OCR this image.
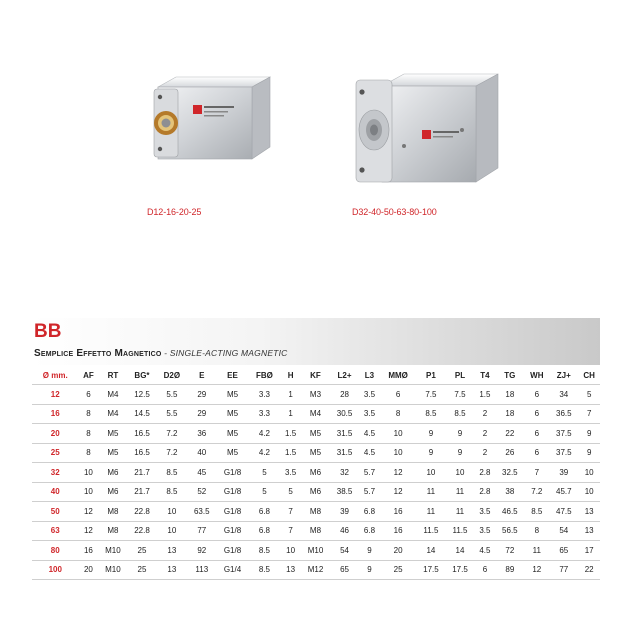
D12-16-20-25	D32-40-50-63-80-100
BB
Semplice Effetto Magnetico - SINGLE-ACTING MAGNETIC
Ø mm.	AF	RT	BG*	D2Ø	E	EE	FBØ	H	KF	L2+	L3	MMØ	P1	PL	T4	TG	WH	ZJ+	CH
12	6	M4	12.5	5.5	29	M5	3.3	1	M3	28	3.5	6	7.5	7.5	1.5	18	6	34	5
16	8	M4	14.5	5.5	29	M5	3.3	1	M4	30.5	3.5	8	8.5	8.5	2	18	6	36.5	7
20	8	M5	16.5	7.2	36	M5	4.2	1.5	M5	31.5	4.5	10	9	9	2	22	6	37.5	9
25	8	M5	16.5	7.2	40	M5	4.2	1.5	M5	31.5	4.5	10	9	9	2	26	6	37.5	9
32	10	M6	21.7	8.5	45	G1/8	5	3.5	M6	32	5.7	12	10	10	2.8	32.5	7	39	10
40	10	M6	21.7	8.5	52	G1/8	5	5	M6	38.5	5.7	12	11	11	2.8	38	7.2	45.7	10
50	12	M8	22.8	10	63.5	G1/8	6.8	7	M8	39	6.8	16	11	11	3.5	46.5	8.5	47.5	13
63	12	M8	22.8	10	77	G1/8	6.8	7	M8	46	6.8	16	11.5	11.5	3.5	56.5	8	54	13
80	16	M10	25	13	92	G1/8	8.5	10	M10	54	9	20	14	14	4.5	72	11	65	17
100	20	M10	25	13	113	G1/4	8.5	13	M12	65	9	25	17.5	17.5	6	89	12	77	22
